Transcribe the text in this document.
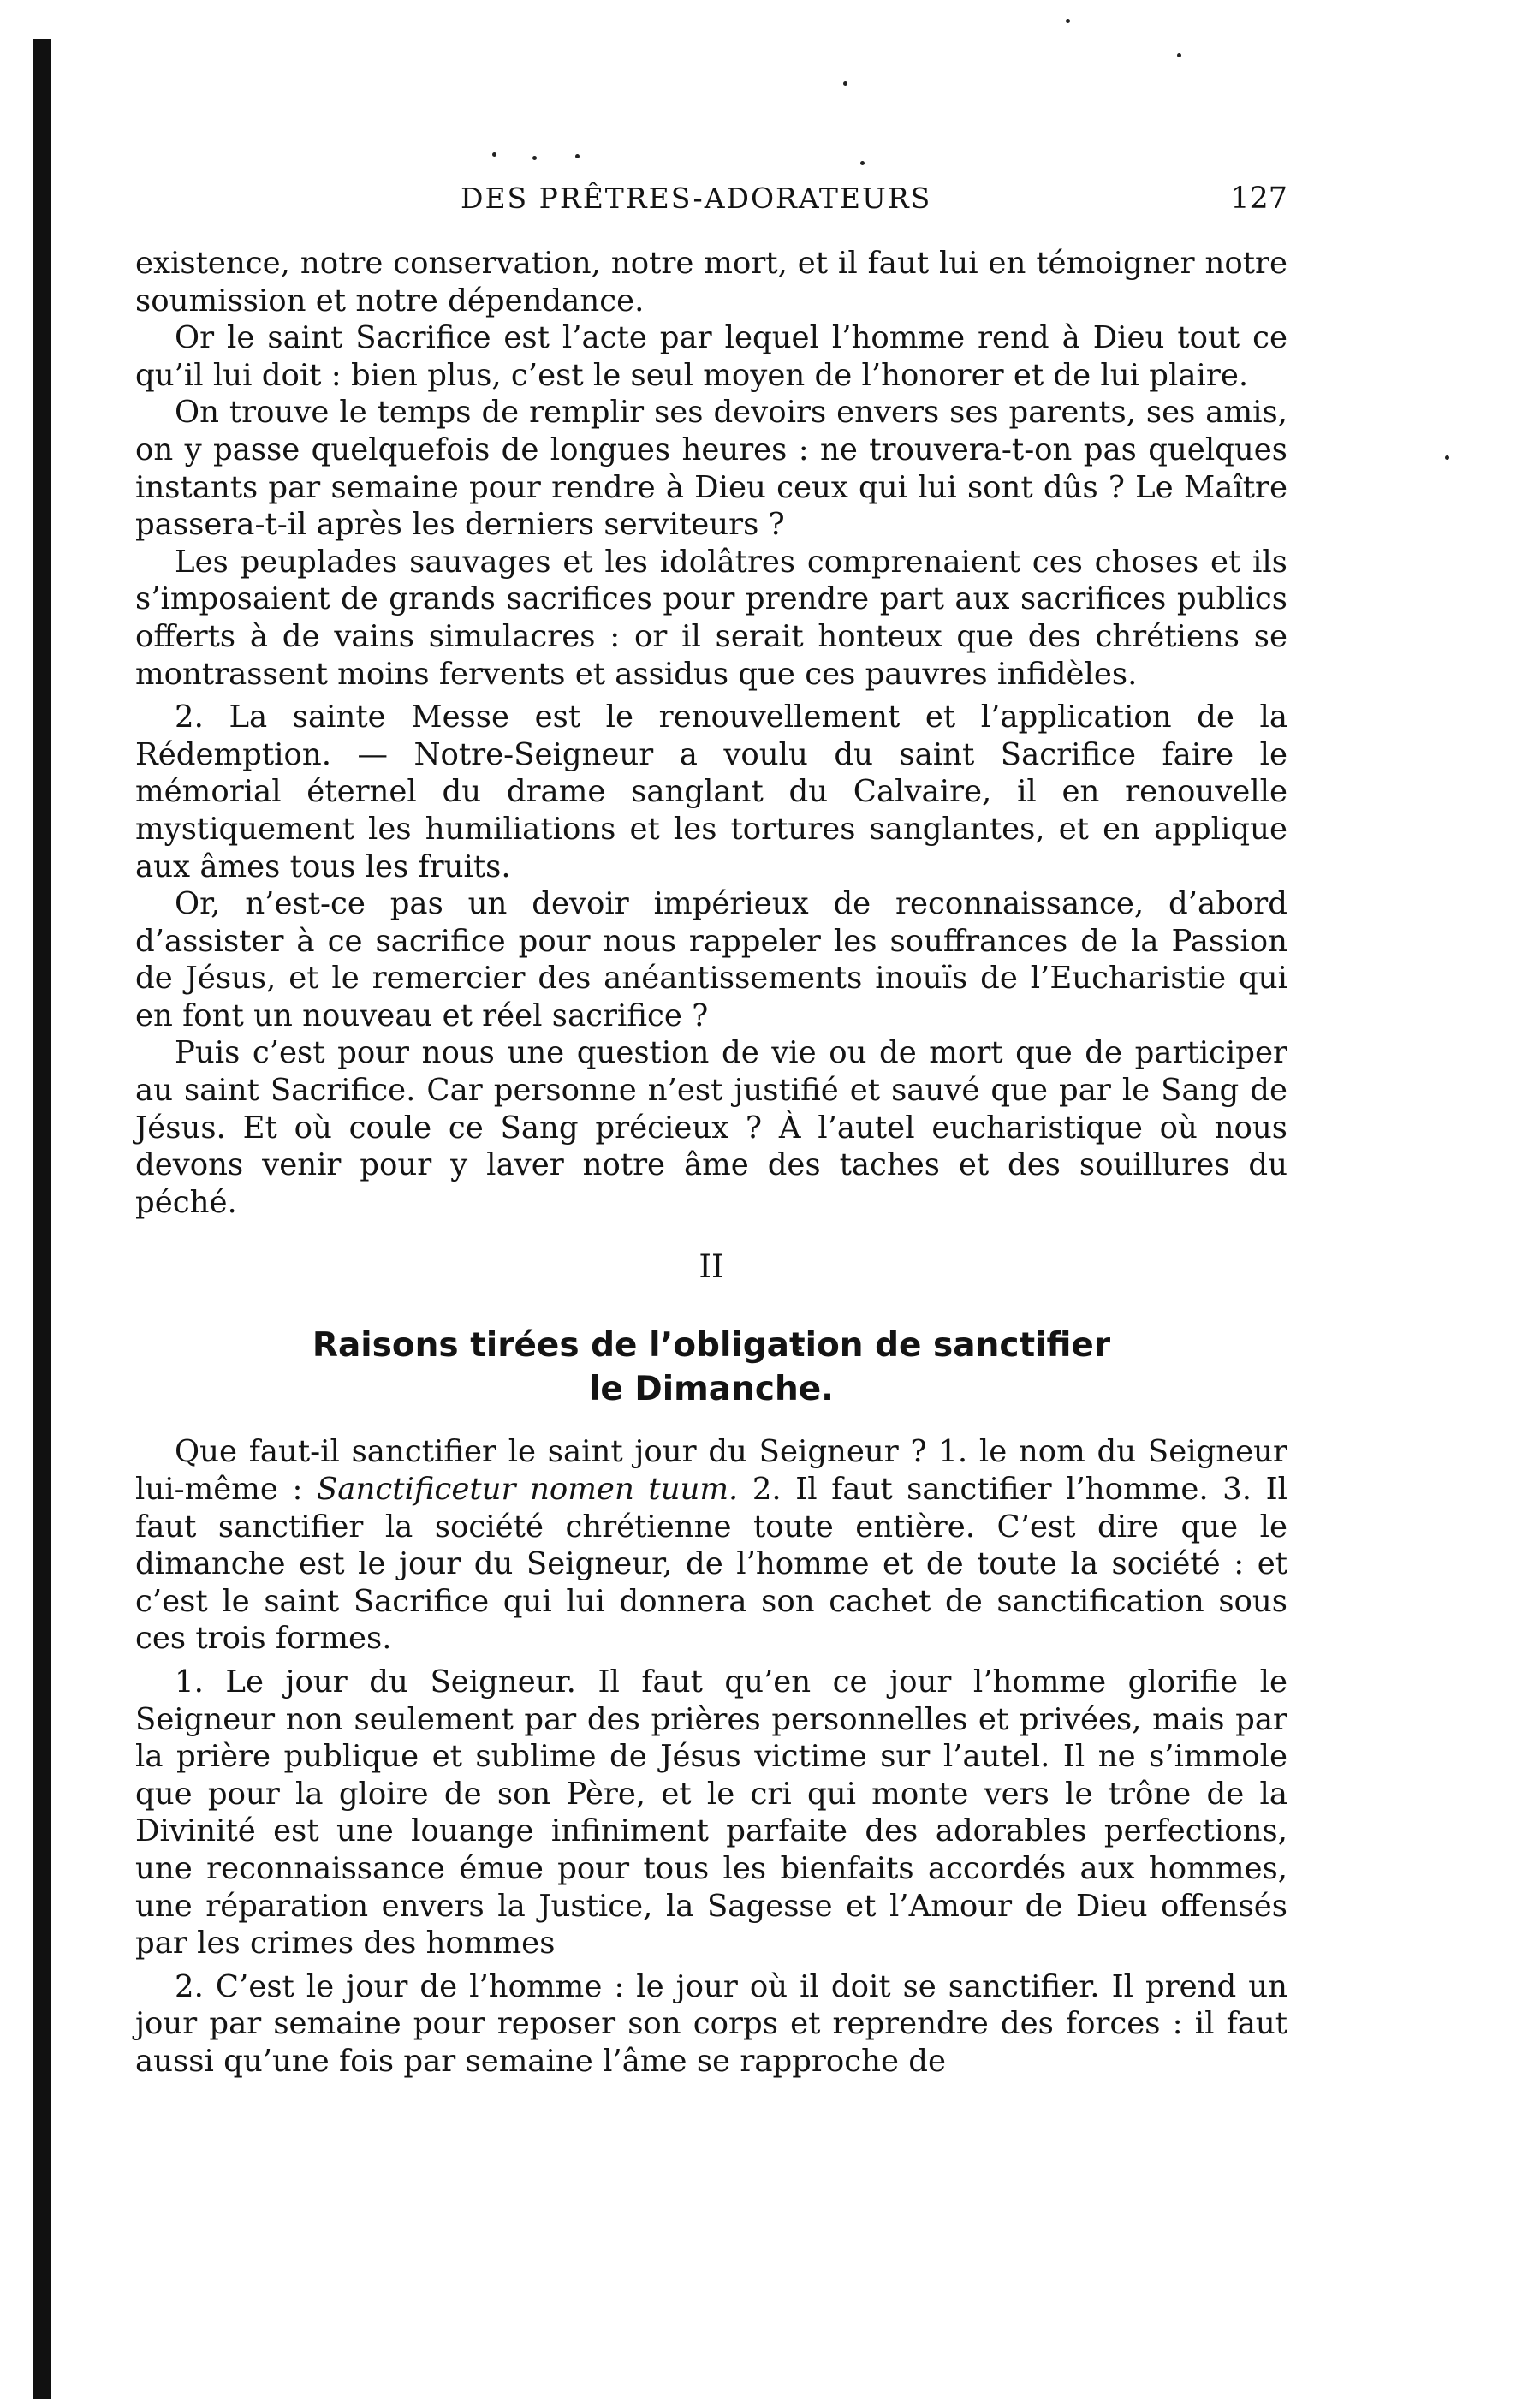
DES PRÊTRES-ADORATEURS	127

existence, notre conservation, notre mort, et il faut lui en témoigner notre soumission et notre dépendance.

Or le saint Sacrifice est l’acte par lequel l’homme rend à Dieu tout ce qu’il lui doit : bien plus, c’est le seul moyen de l’honorer et de lui plaire.

On trouve le temps de remplir ses devoirs envers ses parents, ses amis, on y passe quelquefois de longues heures : ne trouvera-t-on pas quelques instants par semaine pour rendre à Dieu ceux qui lui sont dûs ? Le Maître passera-t-il après les derniers serviteurs ?

Les peuplades sauvages et les idolâtres comprenaient ces choses et ils s’imposaient de grands sacrifices pour prendre part aux sacrifices publics offerts à de vains simulacres : or il serait honteux que des chrétiens se montrassent moins fervents et assidus que ces pauvres infidèles.

2. La sainte Messe est le renouvellement et l’application de la Rédemption. — Notre-Seigneur a voulu du saint Sacrifice faire le mémorial éternel du drame sanglant du Calvaire, il en renouvelle mystiquement les humiliations et les tortures sanglantes, et en applique aux âmes tous les fruits.

Or, n’est-ce pas un devoir impérieux de reconnaissance, d’abord d’assister à ce sacrifice pour nous rappeler les souffrances de la Passion de Jésus, et le remercier des anéantissements inouïs de l’Eucharistie qui en font un nouveau et réel sacrifice ?

Puis c’est pour nous une question de vie ou de mort que de participer au saint Sacrifice. Car personne n’est justifié et sauvé que par le Sang de Jésus. Et où coule ce Sang précieux ? À l’autel eucharistique où nous devons venir pour y laver notre âme des taches et des souillures du péché.

II
Raisons tirées de l’obligation de sanctifier
le Dimanche.

Que faut-il sanctifier le saint jour du Seigneur ? 1. le nom du Seigneur lui-même : Sanctificetur nomen tuum. 2. Il faut sanctifier l’homme. 3. Il faut sanctifier la société chrétienne toute entière. C’est dire que le dimanche est le jour du Seigneur, de l’homme et de toute la société : et c’est le saint Sacrifice qui lui donnera son cachet de sanctification sous ces trois formes.

1. Le jour du Seigneur. Il faut qu’en ce jour l’homme glorifie le Seigneur non seulement par des prières personnelles et privées, mais par la prière publique et sublime de Jésus victime sur l’autel. Il ne s’immole que pour la gloire de son Père, et le cri qui monte vers le trône de la Divinité est une louange infiniment parfaite des adorables perfections, une reconnaissance émue pour tous les bienfaits accordés aux hommes, une réparation envers la Justice, la Sagesse et l’Amour de Dieu offensés par les crimes des hommes

2. C’est le jour de l’homme : le jour où il doit se sanctifier. Il prend un jour par semaine pour reposer son corps et reprendre des forces : il faut aussi qu’une fois par semaine l’âme se rapproche de
